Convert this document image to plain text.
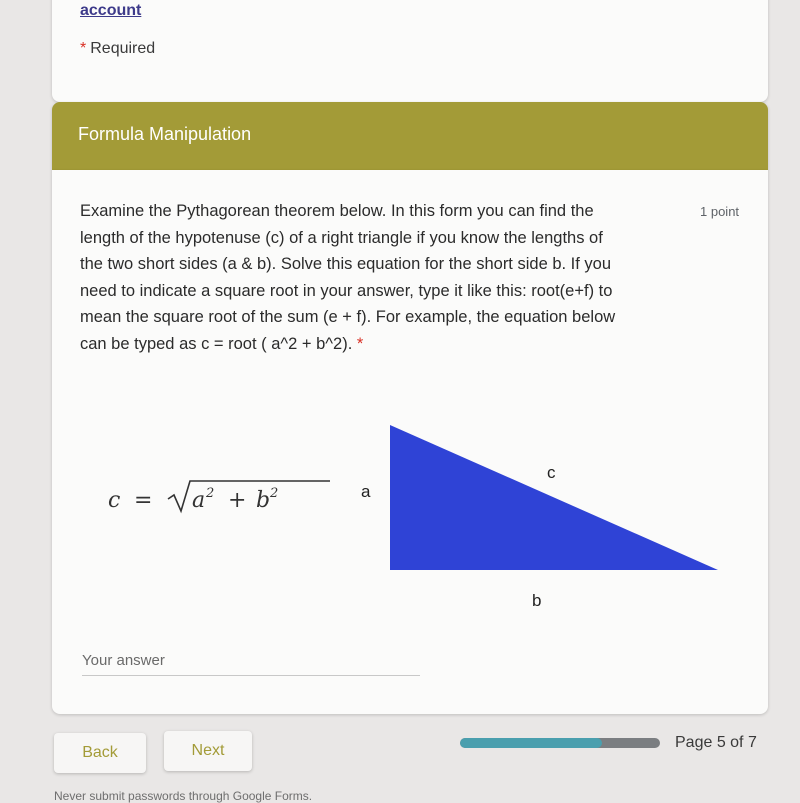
account
* Required
Formula Manipulation
Examine the Pythagorean theorem below. In this form you can find the
length of the hypotenuse (c) of a right triangle if you know the lengths of
the two short sides (a & b). Solve this equation for the short side b. If you
need to indicate a square root in your answer, type it like this: root(e+f) to
mean the square root of the sum (e + f). For example, the equation below
can be typed as c = root ( a^2 + b^2). *
1 point
c = a 2 + b 2	a
c
b
Your answer
Back	Next	Page 5 of 7
Never submit passwords through Google Forms.
